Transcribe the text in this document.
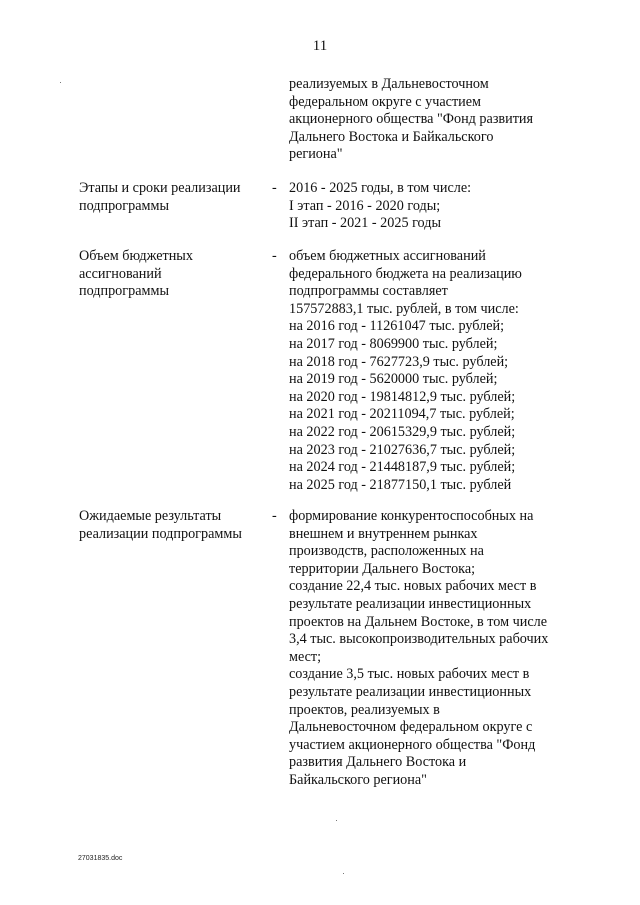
11
реализуемых в Дальневосточном
федеральном округе с участием
акционерного общества "Фонд развития
Дальнего Востока и Байкальского
региона"
Этапы и сроки реализации
подпрограммы
- 2016 - 2025 годы, в том числе:
I этап - 2016 - 2020 годы;
II этап - 2021 - 2025 годы
Объем бюджетных
ассигнований
подпрограммы
- объем бюджетных ассигнований
федерального бюджета на реализацию
подпрограммы составляет
157572883,1 тыс. рублей, в том числе:
на 2016 год - 11261047 тыс. рублей;
на 2017 год - 8069900 тыс. рублей;
на 2018 год - 7627723,9 тыс. рублей;
на 2019 год - 5620000 тыс. рублей;
на 2020 год - 19814812,9 тыс. рублей;
на 2021 год - 20211094,7 тыс. рублей;
на 2022 год - 20615329,9 тыс. рублей;
на 2023 год - 21027636,7 тыс. рублей;
на 2024 год - 21448187,9 тыс. рублей;
на 2025 год - 21877150,1 тыс. рублей
Ожидаемые результаты
реализации подпрограммы
- формирование конкурентоспособных на
внешнем и внутреннем рынках
производств, расположенных на
территории Дальнего Востока;
создание 22,4 тыс. новых рабочих мест в
результате реализации инвестиционных
проектов на Дальнем Востоке, в том числе
3,4 тыс. высокопроизводительных рабочих
мест;
создание 3,5 тыс. новых рабочих мест в
результате реализации инвестиционных
проектов, реализуемых в
Дальневосточном федеральном округе с
участием акционерного общества "Фонд
развития Дальнего Востока и
Байкальского региона"
27031835.doc
